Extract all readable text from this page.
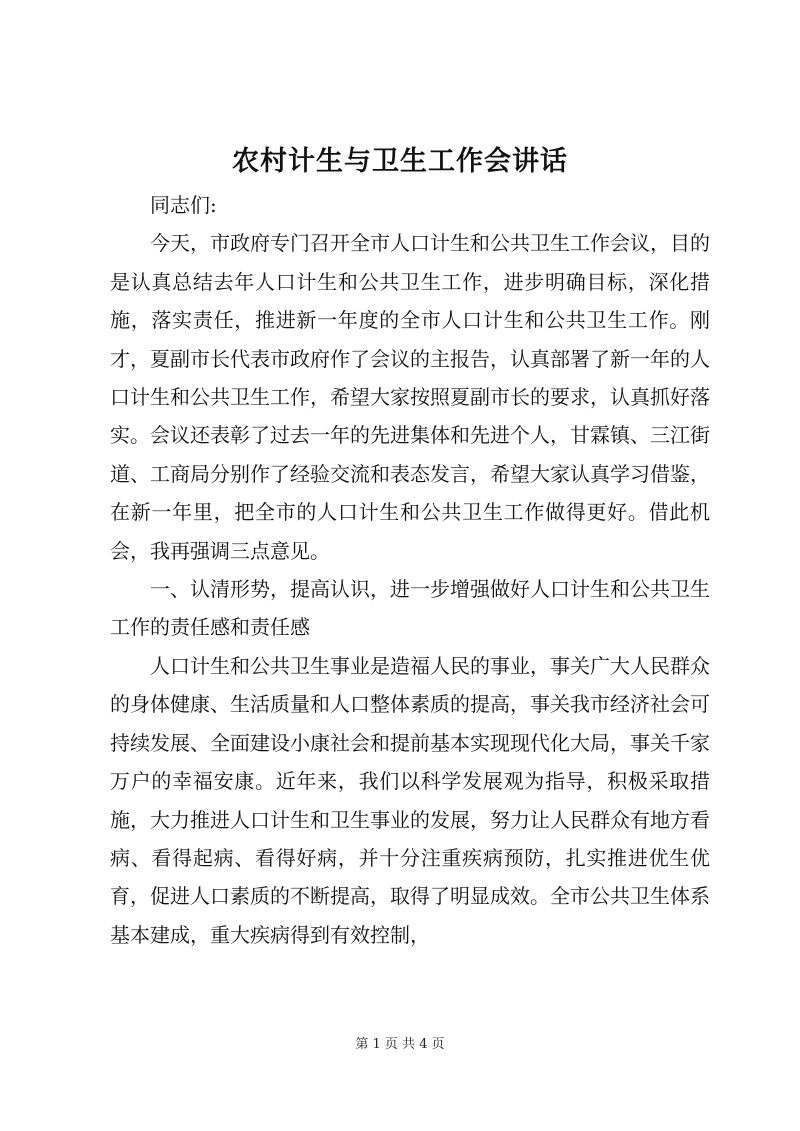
农村计生与卫生工作会讲话

同志们:

今天，市政府专门召开全市人口计生和公共卫生工作会议，目的是认真总结去年人口计生和公共卫生工作，进步明确目标，深化措施，落实责任，推进新一年度的全市人口计生和公共卫生工作。刚才，夏副市长代表市政府作了会议的主报告，认真部署了新一年的人口计生和公共卫生工作，希望大家按照夏副市长的要求，认真抓好落实。会议还表彰了过去一年的先进集体和先进个人，甘霖镇、三江街道、工商局分别作了经验交流和表态发言，希望大家认真学习借鉴，在新一年里，把全市的人口计生和公共卫生工作做得更好。借此机会，我再强调三点意见。

一、认清形势，提高认识，进一步增强做好人口计生和公共卫生工作的责任感和责任感

人口计生和公共卫生事业是造福人民的事业，事关广大人民群众的身体健康、生活质量和人口整体素质的提高，事关我市经济社会可持续发展、全面建设小康社会和提前基本实现现代化大局，事关千家万户的幸福安康。近年来，我们以科学发展观为指导，积极采取措施，大力推进人口计生和卫生事业的发展，努力让人民群众有地方看病、看得起病、看得好病，并十分注重疾病预防，扎实推进优生优育，促进人口素质的不断提高，取得了明显成效。全市公共卫生体系基本建成，重大疾病得到有效控制，

第 1 页 共 4 页
